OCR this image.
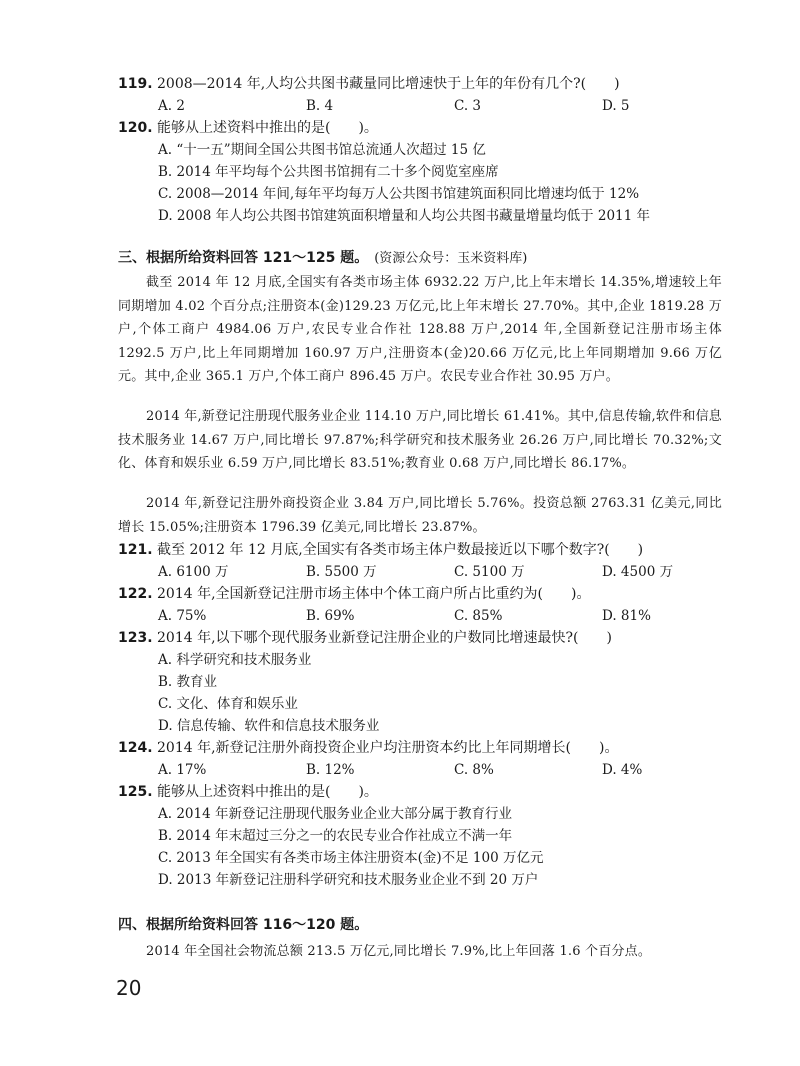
119. 2008—2014 年,人均公共图书藏量同比增速快于上年的年份有几个?(　　)
A. 2	B. 4	C. 3	D. 5
120. 能够从上述资料中推出的是(　　)。
A. “十一五”期间全国公共图书馆总流通人次超过 15 亿
B. 2014 年平均每个公共图书馆拥有二十多个阅览室座席
C. 2008—2014 年间,每年平均每万人公共图书馆建筑面积同比增速均低于 12%
D. 2008 年人均公共图书馆建筑面积增量和人均公共图书藏量增量均低于 2011 年
三、根据所给资料回答 121～125 题。 (资源公众号：玉米资料库)
截至 2014 年 12 月底,全国实有各类市场主体 6932.22 万户,比上年末增长 14.35%,增速较上年同期增加 4.02 个百分点;注册资本(金)129.23 万亿元,比上年末增长 27.70%。其中,企业 1819.28 万户,个体工商户 4984.06 万户,农民专业合作社 128.88 万户,2014 年,全国新登记注册市场主体 1292.5 万户,比上年同期增加 160.97 万户,注册资本(金)20.66 万亿元,比上年同期增加 9.66 万亿元。其中,企业 365.1 万户,个体工商户 896.45 万户。农民专业合作社 30.95 万户。
2014 年,新登记注册现代服务业企业 114.10 万户,同比增长 61.41%。其中,信息传输,软件和信息技术服务业 14.67 万户,同比增长 97.87%;科学研究和技术服务业 26.26 万户,同比增长 70.32%;文化、体育和娱乐业 6.59 万户,同比增长 83.51%;教育业 0.68 万户,同比增长 86.17%。
2014 年,新登记注册外商投资企业 3.84 万户,同比增长 5.76%。投资总额 2763.31 亿美元,同比增长 15.05%;注册资本 1796.39 亿美元,同比增长 23.87%。
121. 截至 2012 年 12 月底,全国实有各类市场主体户数最接近以下哪个数字?(　　)
A. 6100 万	B. 5500 万	C. 5100 万	D. 4500 万
122. 2014 年,全国新登记注册市场主体中个体工商户所占比重约为(　　)。
A. 75%	B. 69%	C. 85%	D. 81%
123. 2014 年,以下哪个现代服务业新登记注册企业的户数同比增速最快?(　　)
A. 科学研究和技术服务业
B. 教育业
C. 文化、体育和娱乐业
D. 信息传输、软件和信息技术服务业
124. 2014 年,新登记注册外商投资企业户均注册资本约比上年同期增长(　　)。
A. 17%	B. 12%	C. 8%	D. 4%
125. 能够从上述资料中推出的是(　　)。
A. 2014 年新登记注册现代服务业企业大部分属于教育行业
B. 2014 年末超过三分之一的农民专业合作社成立不满一年
C. 2013 年全国实有各类市场主体注册资本(金)不足 100 万亿元
D. 2013 年新登记注册科学研究和技术服务业企业不到 20 万户
四、根据所给资料回答 116～120 题。
2014 年全国社会物流总额 213.5 万亿元,同比增长 7.9%,比上年回落 1.6 个百分点。
20
